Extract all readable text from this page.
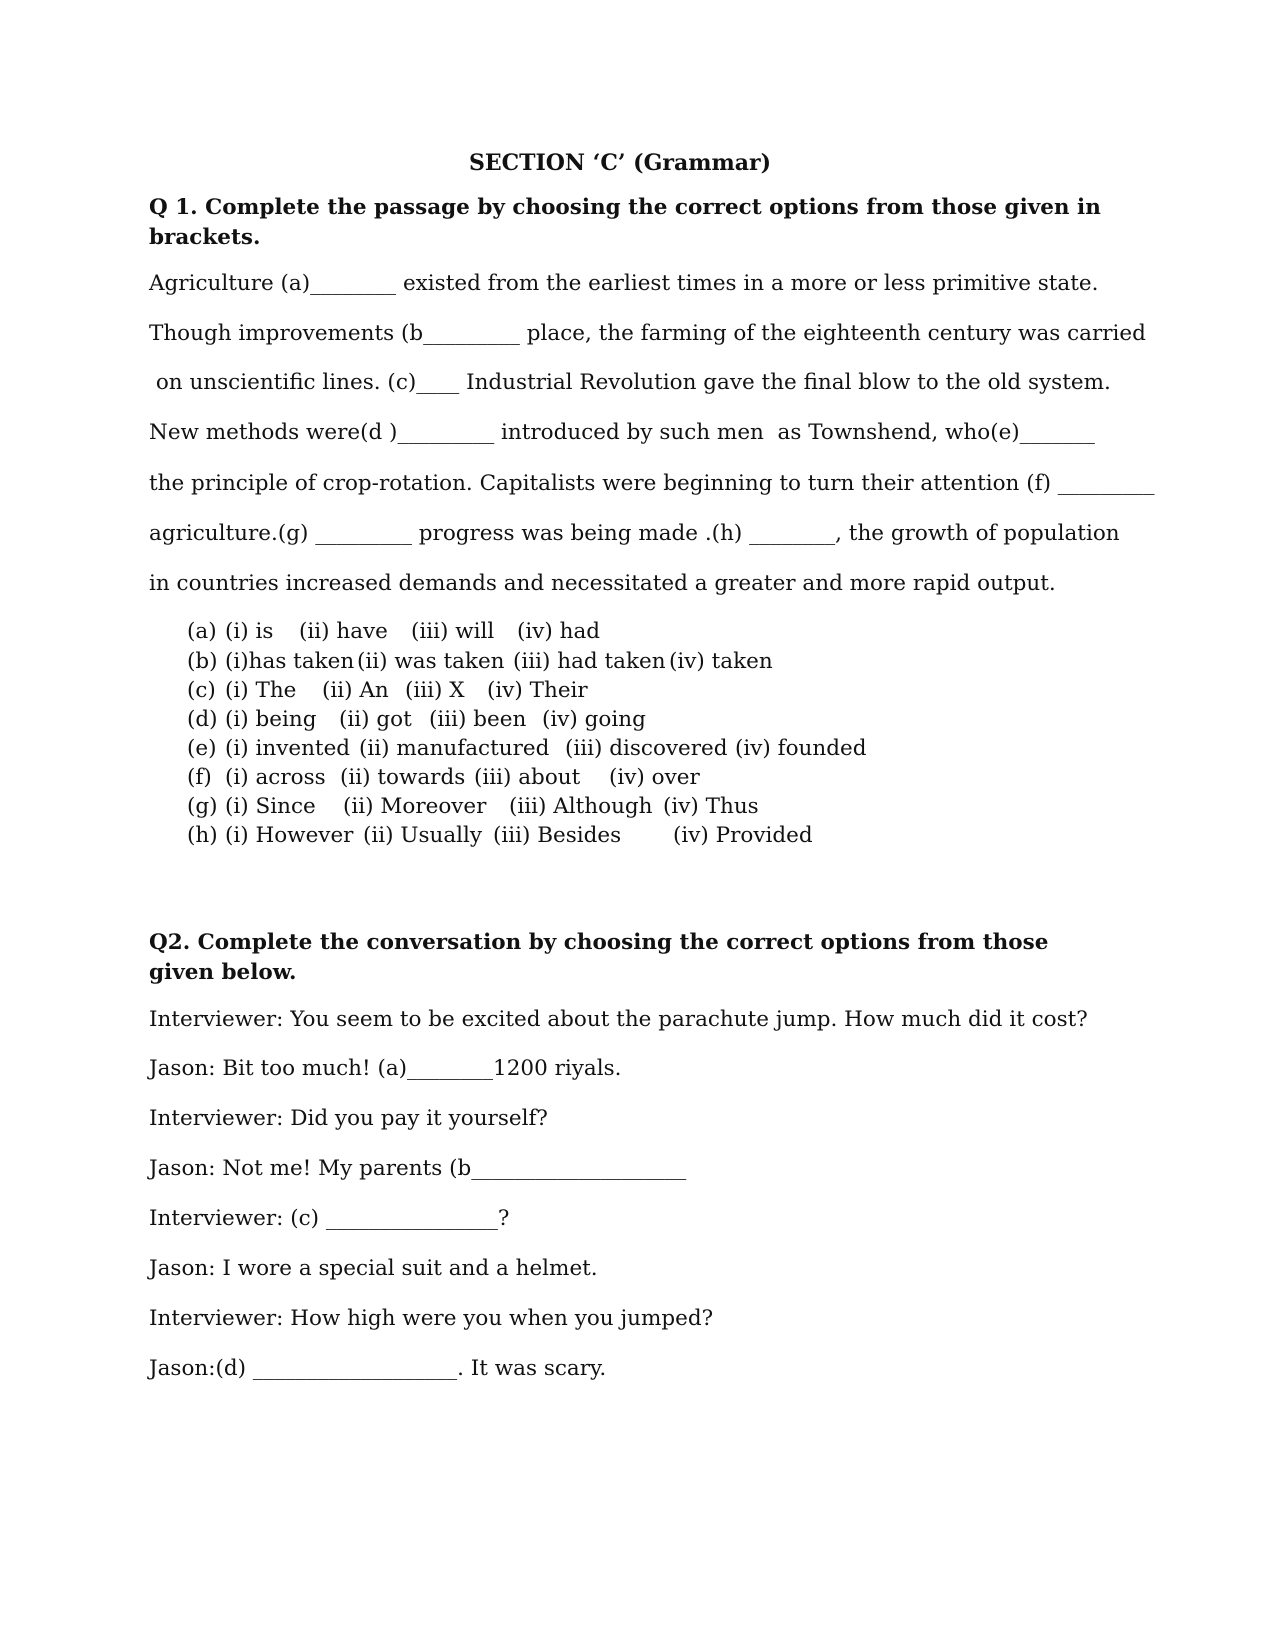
SECTION ‘C’ (Grammar)
Q 1. Complete the passage by choosing the correct options from those given in brackets.
Agriculture (a)________ existed from the earliest times in a more or less primitive state.
Though improvements (b_________ place, the farming of the eighteenth century was carried
on unscientific lines. (c)____ Industrial Revolution gave the final blow to the old system.
New methods were(d )_________ introduced by such men  as Townshend, who(e)_______
the principle of crop-rotation. Capitalists were beginning to turn their attention (f) _________
agriculture.(g) _________ progress was being made .(h) ________, the growth of population
in countries increased demands and necessitated a greater and more rapid output.

(a)

(i) is

(ii) have

(iii) will

(iv) had

(b)

(i)has taken

(ii) was taken

(iii) had taken

(iv) taken

(c)

(i) The

(ii) An

(iii) X

(iv) Their

(d)

(i) being

(ii) got

(iii) been

(iv) going

(e)

(i) invented

(ii) manufactured

(iii) discovered

(iv) founded

(f)

(i) across

(ii) towards

(iii) about

(iv) over

(g)

(i) Since

(ii) Moreover

(iii) Although

(iv) Thus

(h)

(i) However

(ii) Usually

(iii) Besides

(iv) Provided

Q2. Complete the conversation by choosing the correct options from those given below.
Interviewer: You seem to be excited about the parachute jump. How much did it cost?
Jason: Bit too much! (a)________1200 riyals.
Interviewer: Did you pay it yourself?
Jason: Not me! My parents (b____________________
Interviewer: (c) ________________?
Jason: I wore a special suit and a helmet.
Interviewer: How high were you when you jumped?
Jason:(d) ___________________. It was scary.
